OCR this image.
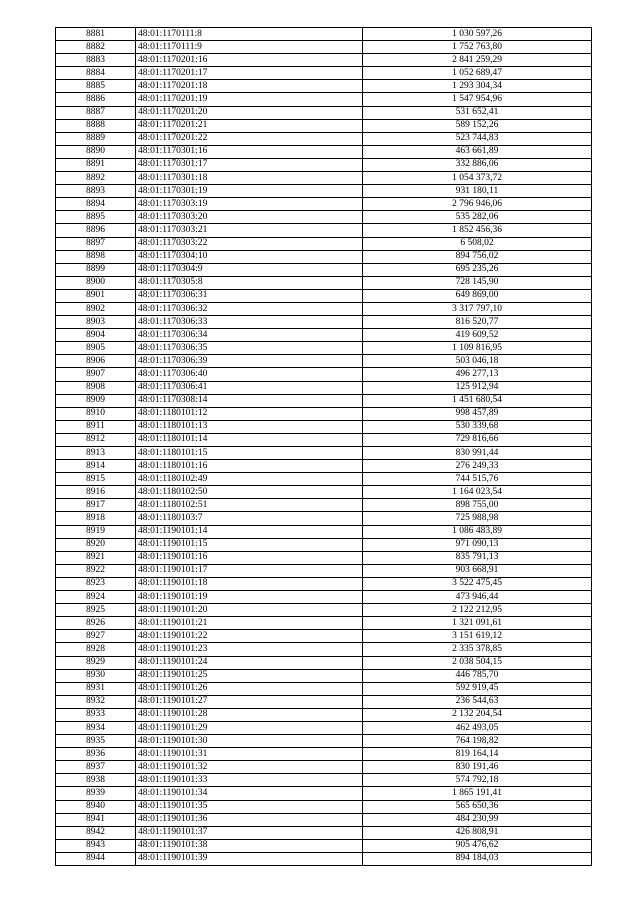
8881	48:01:1170111:8	1 030 597,26
8882	48:01:1170111:9	1 752 763,80
8883	48:01:1170201:16	2 841 259,29
8884	48:01:1170201:17	1 052 689,47
8885	48:01:1170201:18	1 293 304,34
8886	48:01:1170201:19	1 547 954,96
8887	48:01:1170201:20	531 652,41
8888	48:01:1170201:21	589 152,26
8889	48:01:1170201:22	523 744,83
8890	48:01:1170301:16	463 661,89
8891	48:01:1170301:17	332 886,06
8892	48:01:1170301:18	1 054 373,72
8893	48:01:1170301:19	931 180,11
8894	48:01:1170303:19	2 796 946,06
8895	48:01:1170303:20	535 282,06
8896	48:01:1170303:21	1 852 456,36
8897	48:01:1170303:22	6 508,02
8898	48:01:1170304:10	894 756,02
8899	48:01:1170304:9	695 235,26
8900	48:01:1170305:8	728 145,90
8901	48:01:1170306:31	649 869,00
8902	48:01:1170306:32	3 317 797,10
8903	48:01:1170306:33	816 520,77
8904	48:01:1170306:34	419 609,52
8905	48:01:1170306:35	1 109 816,95
8906	48:01:1170306:39	503 046,18
8907	48:01:1170306:40	496 277,13
8908	48:01:1170306:41	125 912,94
8909	48:01:1170308:14	1 451 680,54
8910	48:01:1180101:12	998 457,89
8911	48:01:1180101:13	530 339,68
8912	48:01:1180101:14	729 816,66
8913	48:01:1180101:15	830 991,44
8914	48:01:1180101:16	276 249,33
8915	48:01:1180102:49	744 515,76
8916	48:01:1180102:50	1 164 023,54
8917	48:01:1180102:51	898 755,00
8918	48:01:1180103:7	725 988,98
8919	48:01:1190101:14	1 086 483,89
8920	48:01:1190101:15	971 090,13
8921	48:01:1190101:16	835 791,13
8922	48:01:1190101:17	903 668,91
8923	48:01:1190101:18	3 522 475,45
8924	48:01:1190101:19	473 946,44
8925	48:01:1190101:20	2 122 212,95
8926	48:01:1190101:21	1 321 091,61
8927	48:01:1190101:22	3 151 619,12
8928	48:01:1190101:23	2 335 378,85
8929	48:01:1190101:24	2 038 504,15
8930	48:01:1190101:25	446 785,70
8931	48:01:1190101:26	592 919,45
8932	48:01:1190101:27	236 544,63
8933	48:01:1190101:28	2 132 204,54
8934	48:01:1190101:29	462 493,05
8935	48:01:1190101:30	764 198,82
8936	48:01:1190101:31	819 164,14
8937	48:01:1190101:32	830 191,46
8938	48:01:1190101:33	574 792,18
8939	48:01:1190101:34	1 865 191,41
8940	48:01:1190101:35	565 650,36
8941	48:01:1190101:36	484 230,99
8942	48:01:1190101:37	426 808,91
8943	48:01:1190101:38	905 476,62
8944	48:01:1190101:39	894 184,03
